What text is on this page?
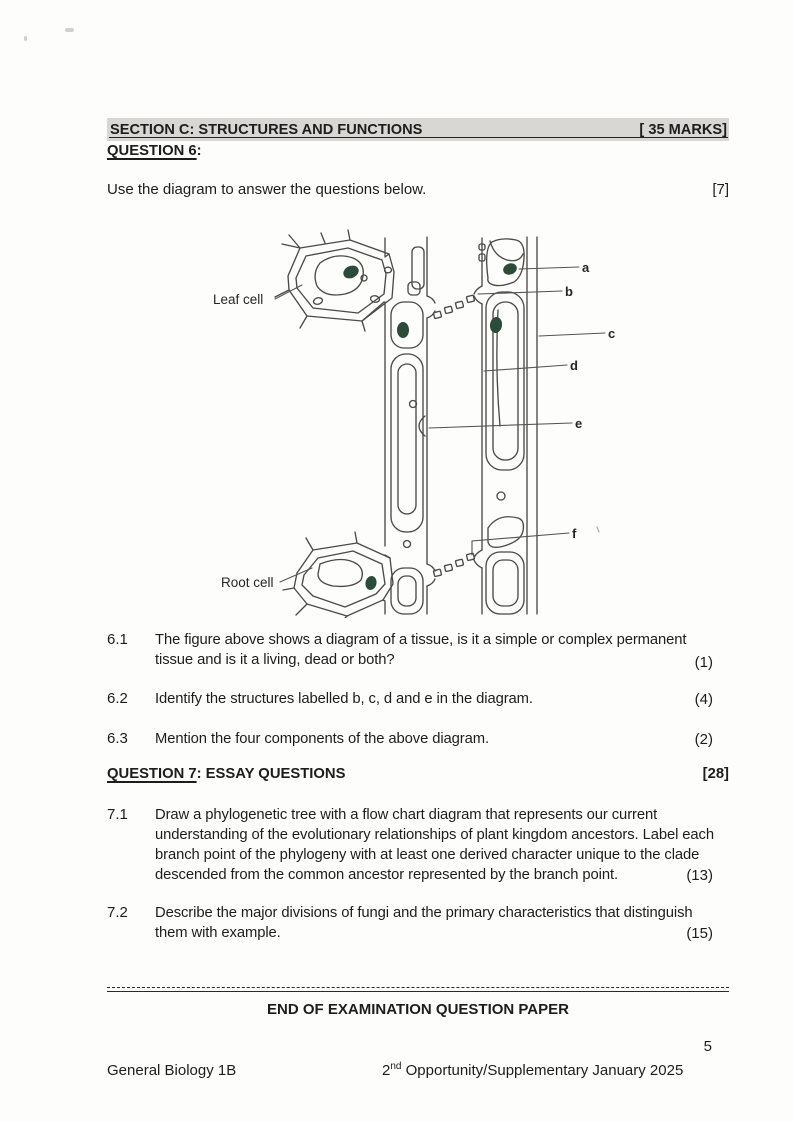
SECTION C: STRUCTURES AND FUNCTIONS	[ 35 MARKS]
QUESTION 6:
Use the diagram to answer the questions below.	[7]
Leaf cell
Root cell
a
b
c
d
e
f
6.1 The figure above shows a diagram of a tissue, is it a simple or complex permanent tissue and is it a living, dead or both?	(1)
6.2 Identify the structures labelled b, c, d and e in the diagram.	(4)
6.3 Mention the four components of the above diagram.	(2)
QUESTION 7: ESSAY QUESTIONS	[28]
7.1 Draw a phylogenetic tree with a flow chart diagram that represents our current understanding of the evolutionary relationships of plant kingdom ancestors. Label each branch point of the phylogeny with at least one derived character unique to the clade descended from the common ancestor represented by the branch point.	(13)
7.2 Describe the major divisions of fungi and the primary characteristics that distinguish them with example.	(15)
END OF EXAMINATION QUESTION PAPER
5
General Biology 1B	2nd Opportunity/Supplementary January 2025
